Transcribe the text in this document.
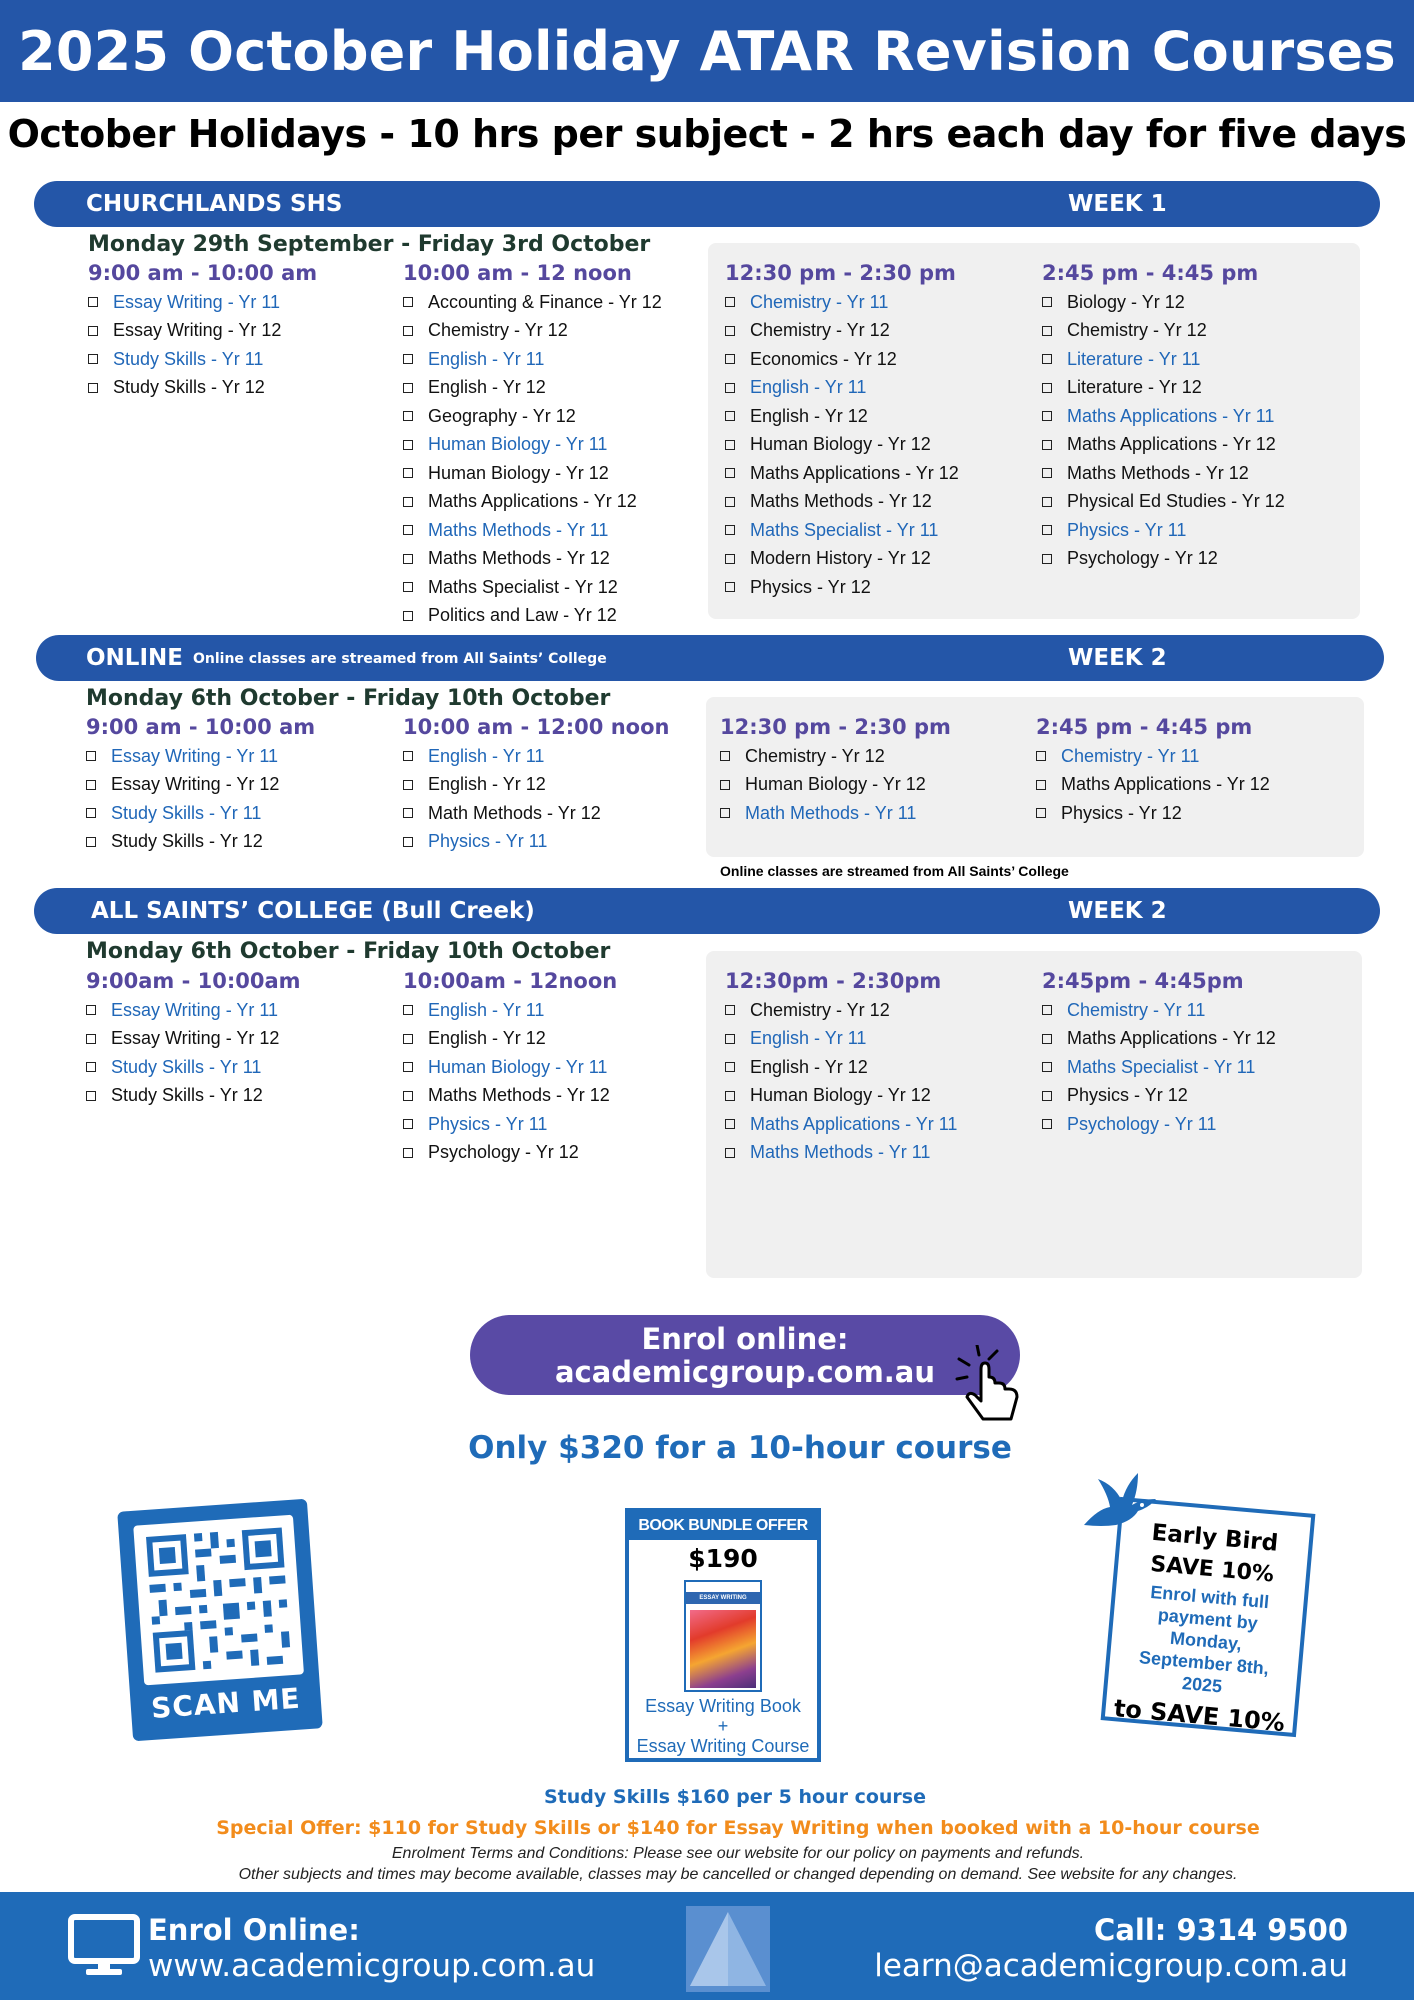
2025 October Holiday ATAR Revision Courses
October Holidays - 10 hrs per subject - 2 hrs each day for five days
CHURCHLANDS SHS	WEEK 1
Monday 29th September - Friday 3rd October
9:00 am - 10:00 am
Essay Writing - Yr 11
Essay Writing - Yr 12
Study Skills - Yr 11
Study Skills - Yr 12
10:00 am - 12 noon
Accounting & Finance - Yr 12
Chemistry - Yr 12
English - Yr 11
English - Yr 12
Geography - Yr 12
Human Biology - Yr 11
Human Biology - Yr 12
Maths Applications - Yr 12
Maths Methods - Yr 11
Maths Methods - Yr 12
Maths Specialist - Yr 12
Politics and Law - Yr 12
12:30 pm - 2:30 pm
Chemistry - Yr 11
Chemistry - Yr 12
Economics - Yr 12
English - Yr 11
English - Yr 12
Human Biology - Yr 12
Maths Applications - Yr 12
Maths Methods - Yr 12
Maths Specialist - Yr 11
Modern History - Yr 12
Physics - Yr 12
2:45 pm - 4:45 pm
Biology - Yr 12
Chemistry - Yr 12
Literature - Yr 11
Literature - Yr 12
Maths Applications - Yr 11
Maths Applications - Yr 12
Maths Methods - Yr 12
Physical Ed Studies - Yr 12
Physics - Yr 11
Psychology - Yr 12
ONLINE Online classes are streamed from All Saints’ College	WEEK 2
Monday 6th October - Friday 10th October
9:00 am - 10:00 am
Essay Writing - Yr 11
Essay Writing - Yr 12
Study Skills - Yr 11
Study Skills - Yr 12
10:00 am - 12:00 noon
English - Yr 11
English - Yr 12
Math Methods - Yr 12
Physics - Yr 11
12:30 pm - 2:30 pm
Chemistry - Yr 12
Human Biology - Yr 12
Math Methods - Yr 11
2:45 pm - 4:45 pm
Chemistry - Yr 11
Maths Applications - Yr 12
Physics - Yr 12
Online classes are streamed from All Saints’ College
ALL SAINTS’ COLLEGE (Bull Creek)	WEEK 2
Monday 6th October - Friday 10th October
9:00am - 10:00am
Essay Writing - Yr 11
Essay Writing - Yr 12
Study Skills - Yr 11
Study Skills - Yr 12
10:00am - 12noon
English - Yr 11
English - Yr 12
Human Biology - Yr 11
Maths Methods - Yr 12
Physics - Yr 11
Psychology - Yr 12
12:30pm - 2:30pm
Chemistry - Yr 12
English - Yr 11
English - Yr 12
Human Biology - Yr 12
Maths Applications - Yr 11
Maths Methods - Yr 11
2:45pm - 4:45pm
Chemistry - Yr 11
Maths Applications - Yr 12
Maths Specialist - Yr 11
Physics - Yr 12
Psychology - Yr 11
Enrol online:
academicgroup.com.au
Only $320 for a 10-hour course
SCAN ME
BOOK BUNDLE OFFER
$190
ESSAY WRITING
Essay Writing Book
+
Essay Writing Course
Early Bird
SAVE 10%
Enrol with full payment by Monday, September 8th, 2025
to SAVE 10%
Study Skills $160 per 5 hour course
Special Offer: $110 for Study Skills or $140 for Essay Writing when booked with a 10-hour course
Enrolment Terms and Conditions: Please see our website for our policy on payments and refunds.
Other subjects and times may become available, classes may be cancelled or changed depending on demand. See website for any changes.
Enrol Online:
www.academicgroup.com.au
Call: 9314 9500
learn@academicgroup.com.au
